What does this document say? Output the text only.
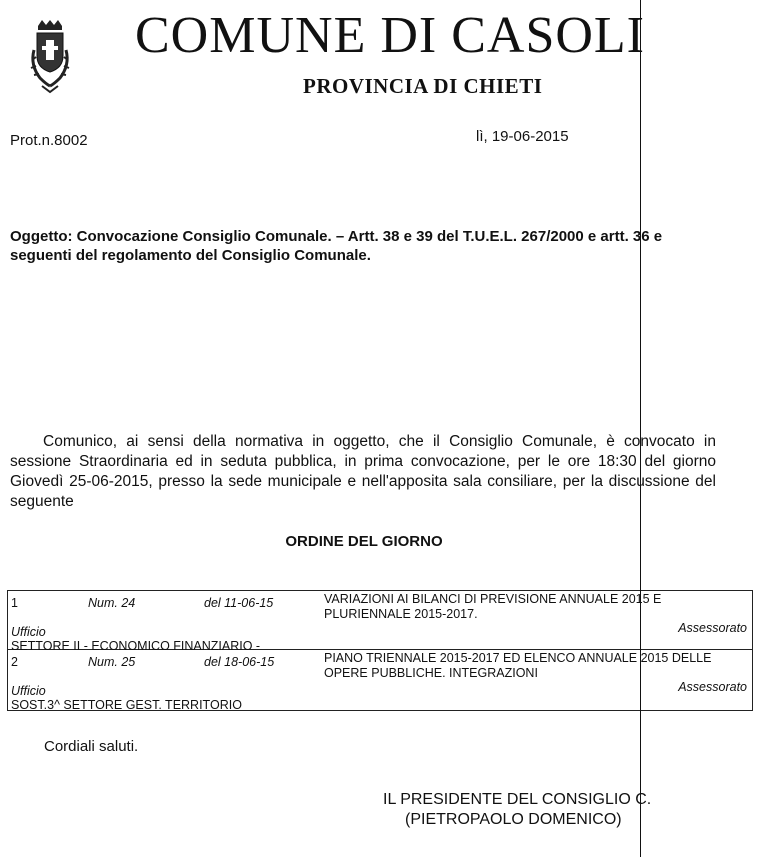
COMUNE DI CASOLI
PROVINCIA DI CHIETI
Prot.n.8002	lì, 19-06-2015
Oggetto: Convocazione Consiglio Comunale. – Artt. 38 e 39 del T.U.E.L. 267/2000 e artt. 36 e seguenti del regolamento del Consiglio Comunale.
Comunico, ai sensi della normativa in oggetto, che il Consiglio Comunale, è convocato in sessione Straordinaria ed in seduta pubblica, in prima convocazione, per le ore 18:30 del giorno Giovedì 25-06-2015, presso la sede municipale e nell'apposita sala consiliare, per la discussione del seguente
ORDINE DEL GIORNO
1	Num. 24	del 11-06-15	VARIAZIONI AI BILANCI DI PREVISIONE ANNUALE 2015 E PLURIENNALE 2015-2017.
Ufficio SETTORE II - ECONOMICO FINANZIARIO -
Assessorato
2	Num. 25	del 18-06-15	PIANO TRIENNALE 2015-2017 ED ELENCO ANNUALE 2015 DELLE OPERE PUBBLICHE. INTEGRAZIONI
Ufficio SOST.3^ SETTORE GEST. TERRITORIO
Assessorato
Cordiali saluti.
IL PRESIDENTE DEL CONSIGLIO C.
(PIETROPAOLO DOMENICO)
